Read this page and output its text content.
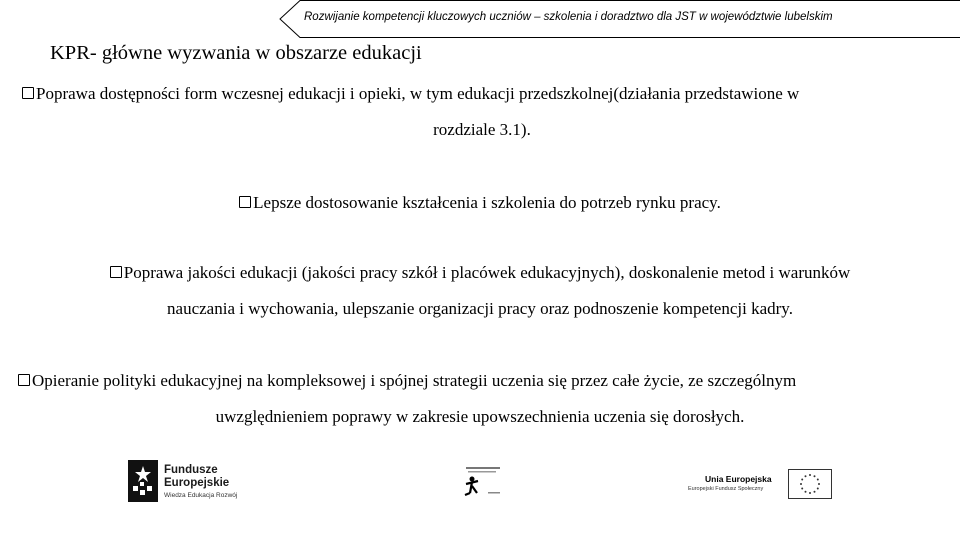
Rozwijanie kompetencji kluczowych uczniów – szkolenia i doradztwo dla JST w województwie lubelskim
KPR- główne wyzwania w obszarze edukacji
Poprawa dostępności form wczesnej edukacji i opieki, w tym edukacji przedszkolnej(działania przedstawione w
rozdziale 3.1).
Lepsze dostosowanie kształcenia i szkolenia do potrzeb rynku pracy.
Poprawa jakości edukacji (jakości pracy szkół i placówek edukacyjnych), doskonalenie metod i warunków
nauczania i wychowania, ulepszanie organizacji pracy oraz podnoszenie kompetencji kadry.
Opieranie polityki edukacyjnej na kompleksowej i spójnej strategii uczenia się przez całe życie, ze szczególnym
uwzględnieniem poprawy w zakresie upowszechnienia uczenia się dorosłych.
Fundusze
Europejskie
Wiedza Edukacja Rozwój
Unia Europejska
Europejski Fundusz Społeczny
